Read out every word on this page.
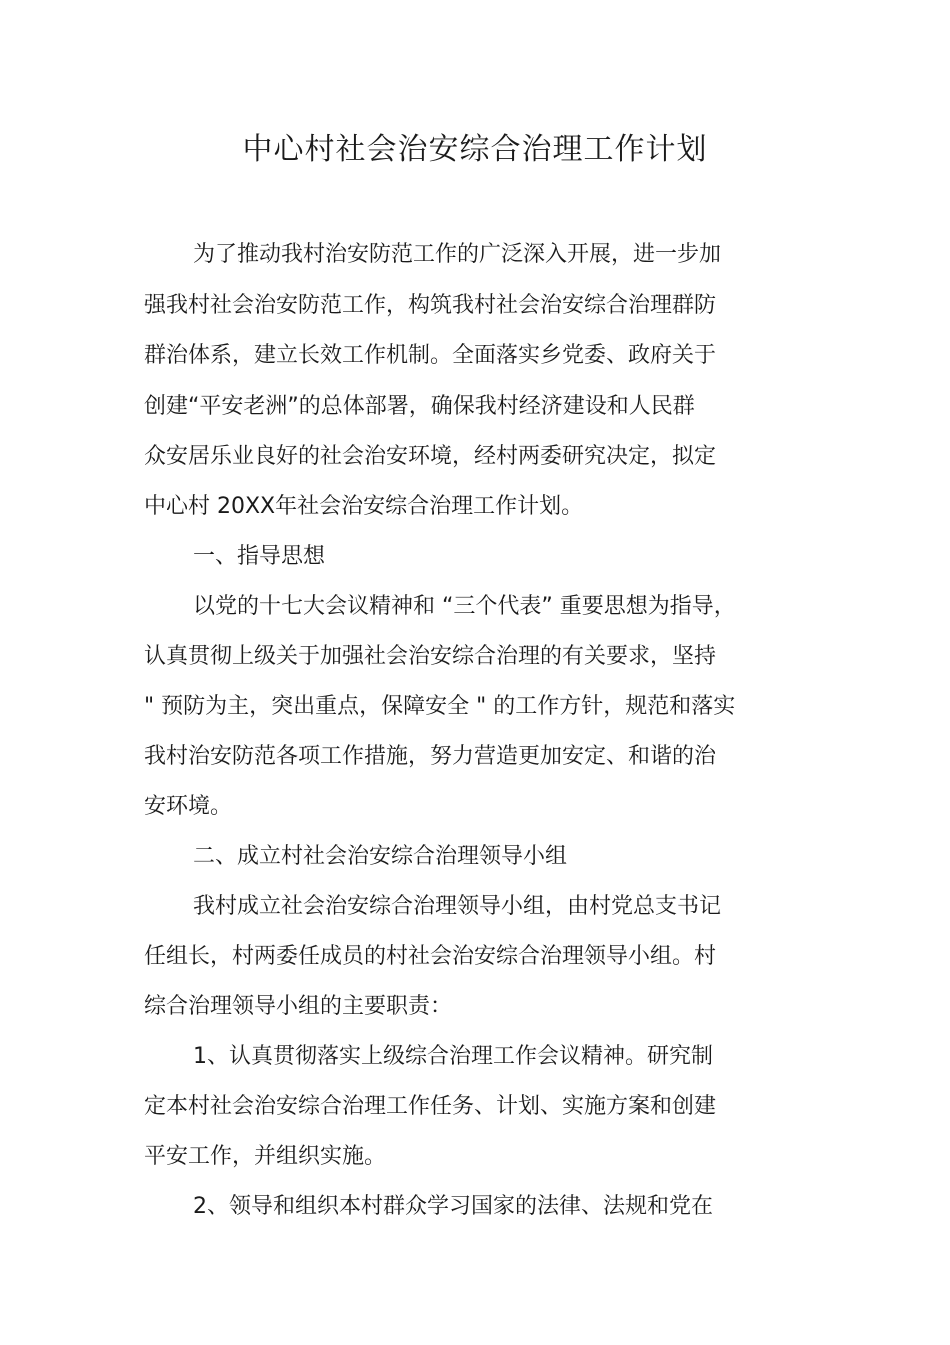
中心村社会治安综合治理工作计划
为了推动我村治安防范工作的广泛深入开展，进一步加
强我村社会治安防范工作，构筑我村社会治安综合治理群防
群治体系，建立长效工作机制。全面落实乡党委、政府关于
创建“平安老洲”的总体部署，确保我村经济建设和人民群
众安居乐业良好的社会治安环境，经村两委研究决定，拟定
中心村 20XX年社会治安综合治理工作计划。
一、指导思想
以党的十七大会议精神和 “三个代表” 重要思想为指导，
认真贯彻上级关于加强社会治安综合治理的有关要求，坚持
" 预防为主，突出重点，保障安全 " 的工作方针，规范和落实
我村治安防范各项工作措施，努力营造更加安定、和谐的治
安环境。
二、成立村社会治安综合治理领导小组
我村成立社会治安综合治理领导小组，由村党总支书记
任组长，村两委任成员的村社会治安综合治理领导小组。村
综合治理领导小组的主要职责：
1、认真贯彻落实上级综合治理工作会议精神。研究制
定本村社会治安综合治理工作任务、计划、实施方案和创建
平安工作，并组织实施。
2、领导和组织本村群众学习国家的法律、法规和党在
